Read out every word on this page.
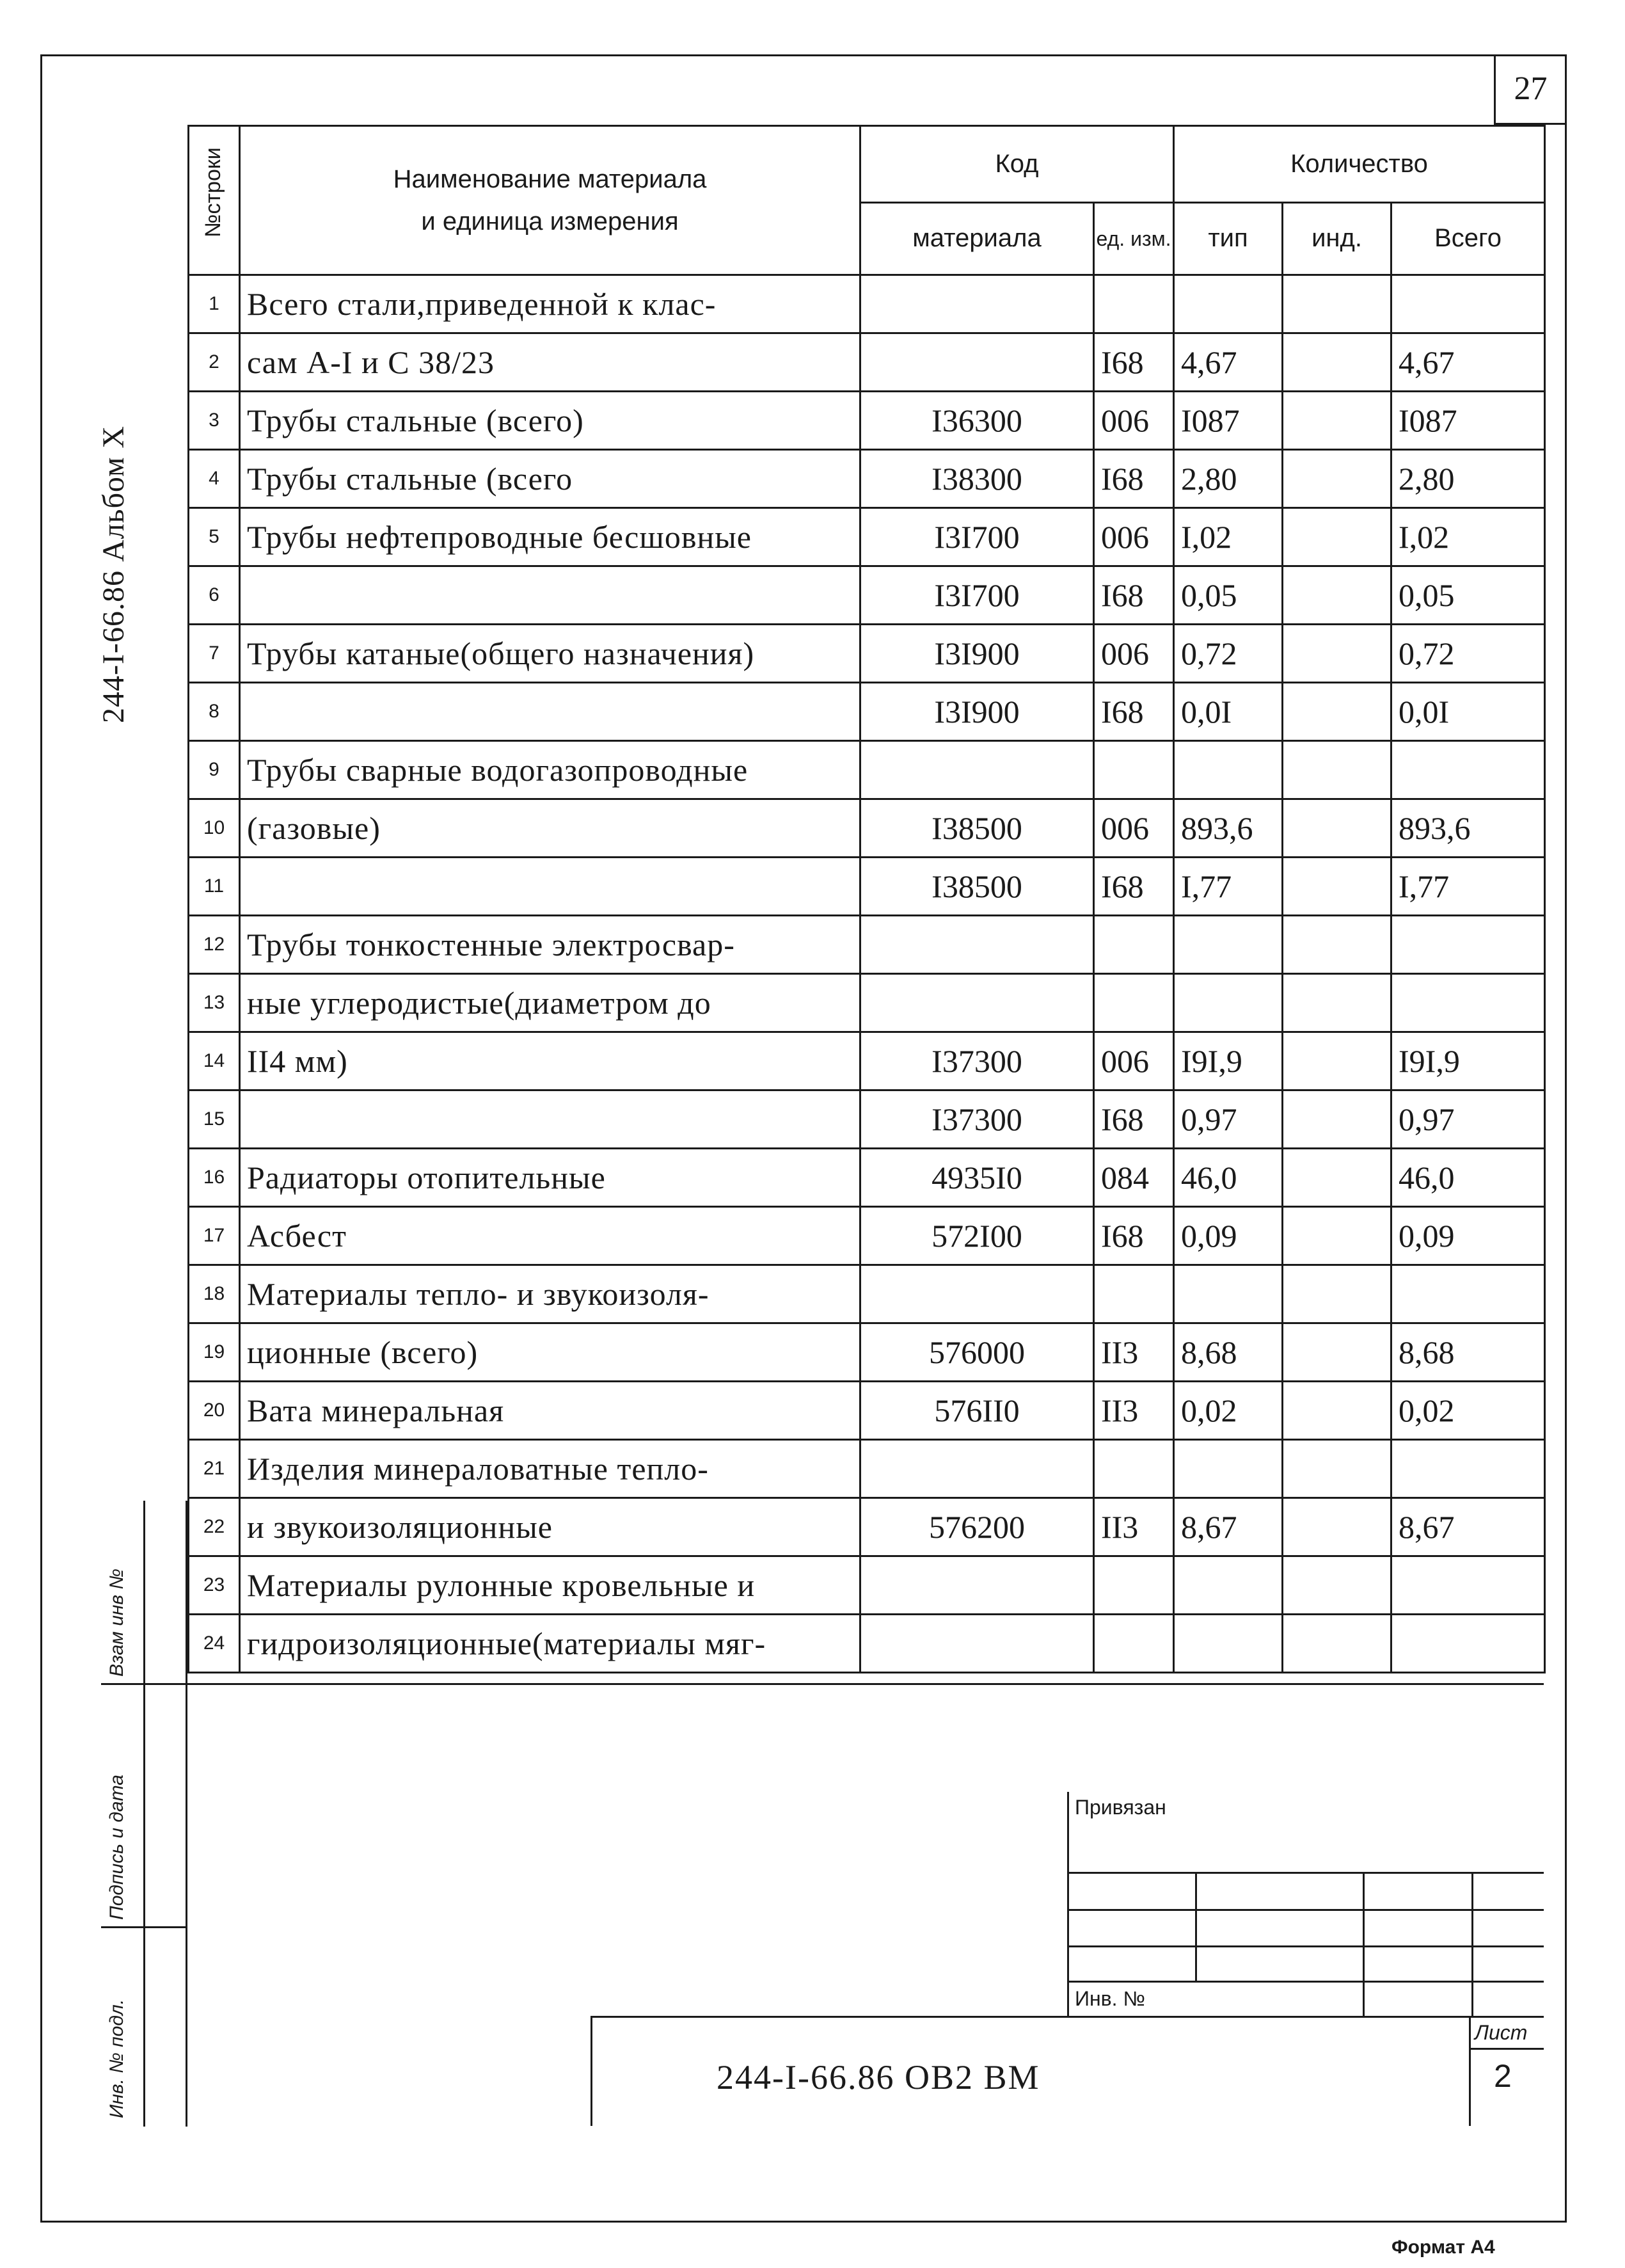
27
244-I-66.86 Альбом X
№строки	Наименование материала
и единица измерения	Код		Количество		
		материала	ед. изм.	тип	инд.	Всего
1	Всего стали,приведенной к клас-					
2	сам А-I и С 38/23		I68	4,67		4,67
3	Трубы стальные (всего)	I36300	006	I087		I087
4	Трубы стальные (всего	I38300	I68	2,80		2,80
5	Трубы нефтепроводные бесшовные	I3I700	006	I,02		I,02
6		I3I700	I68	0,05		0,05
7	Трубы катаные(общего назначения)	I3I900	006	0,72		0,72
8		I3I900	I68	0,0I		0,0I
9	Трубы сварные водогазопроводные					
10	(газовые)	I38500	006	893,6		893,6
11		I38500	I68	I,77		I,77
12	Трубы тонкостенные электросвар-					
13	ные углеродистые(диаметром до					
14	II4 мм)	I37300	006	I9I,9		I9I,9
15		I37300	I68	0,97		0,97
16	Радиаторы отопительные	4935I0	084	46,0		46,0
17	Асбест	572I00	I68	0,09		0,09
18	Материалы тепло- и звукоизоля-					
19	ционные (всего)	576000	II3	8,68		8,68
20	Вата минеральная	576II0	II3	0,02		0,02
21	Изделия минераловатные тепло-					
22	и звукоизоляционные	576200	II3	8,67		8,67
23	Материалы рулонные кровельные и					
24	гидроизоляционные(материалы мяг-					
Взам инв №
Подпись и дата
Инв. № подл.
Привязан
Инв. №
244-I-66.86 ОВ2 ВМ
Лист
2
Формат А4
